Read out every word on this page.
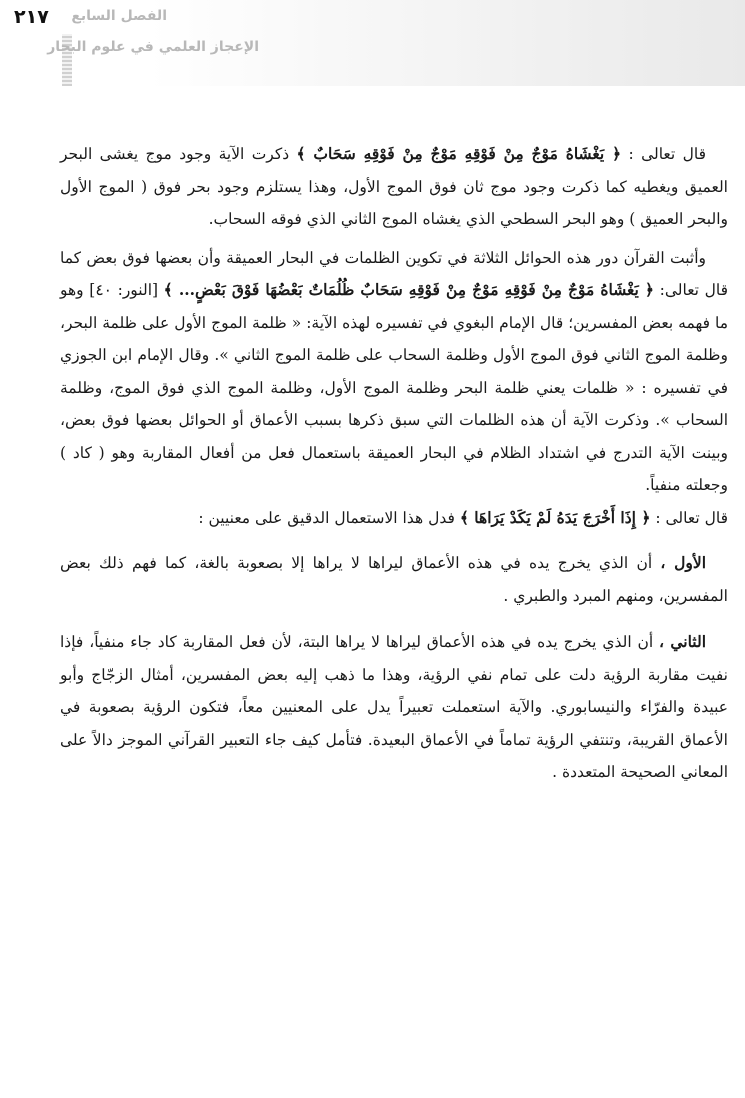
٢١٧ الفصل السابع
الإعجاز العلمي في علوم البحار

قال تعالى : ﴿ يَغْشَاهُ مَوْجٌ مِنْ فَوْقِهِ مَوْجٌ مِنْ فَوْقِهِ سَحَابٌ ﴾ ذكرت الآية وجود موج يغشى البحر العميق ويغطيه كما ذكرت وجود موج ثان فوق الموج الأول، وهذا يستلزم وجود بحر فوق ( الموج الأول والبحر العميق ) وهو البحر السطحي الذي يغشاه الموج الثاني الذي فوقه السحاب.

وأثبت القرآن دور هذه الحوائل الثلاثة في تكوين الظلمات في البحار العميقة وأن بعضها فوق بعض كما قال تعالى: ﴿ يَغْشَاهُ مَوْجٌ مِنْ فَوْقِهِ مَوْجٌ مِنْ فَوْقِهِ سَحَابٌ ظُلُمَاتٌ بَعْضُهَا فَوْقَ بَعْضٍ... ﴾ [النور: ٤٠] وهو ما فهمه بعض المفسرين؛ قال الإمام البغوي في تفسيره لهذه الآية: « ظلمة الموج الأول على ظلمة البحر، وظلمة الموج الثاني فوق الموج الأول وظلمة السحاب على ظلمة الموج الثاني ». وقال الإمام ابن الجوزي في تفسيره : « ظلمات يعني ظلمة البحر وظلمة الموج الأول، وظلمة الموج الذي فوق الموج، وظلمة السحاب ». وذكرت الآية أن هذه الظلمات التي سبق ذكرها بسبب الأعماق أو الحوائل بعضها فوق بعض، وبينت الآية التدرج في اشتداد الظلام في البحار العميقة باستعمال فعل من أفعال المقاربة وهو ( كاد ) وجعلته منفياً.

قال تعالى : ﴿ إِذَا أَخْرَجَ يَدَهُ لَمْ يَكَدْ يَرَاهَا ﴾ فدل هذا الاستعمال الدقيق على معنيين :

الأول ، أن الذي يخرج يده في هذه الأعماق ليراها لا يراها إلا بصعوبة بالغة، كما فهم ذلك بعض المفسرين، ومنهم المبرد والطبري .

الثاني ، أن الذي يخرج يده في هذه الأعماق ليراها لا يراها البتة، لأن فعل المقاربة كاد جاء منفياً، فإذا نفيت مقاربة الرؤية دلت على تمام نفي الرؤية، وهذا ما ذهب إليه بعض المفسرين، أمثال الزجّاج وأبو عبيدة والفرّاء والنيسابوري. والآية استعملت تعبيراً يدل على المعنيين معاً، فتكون الرؤية بصعوبة في الأعماق القريبة، وتنتفي الرؤية تماماً في الأعماق البعيدة. فتأمل كيف جاء التعبير القرآني الموجز دالاً على المعاني الصحيحة المتعددة .
